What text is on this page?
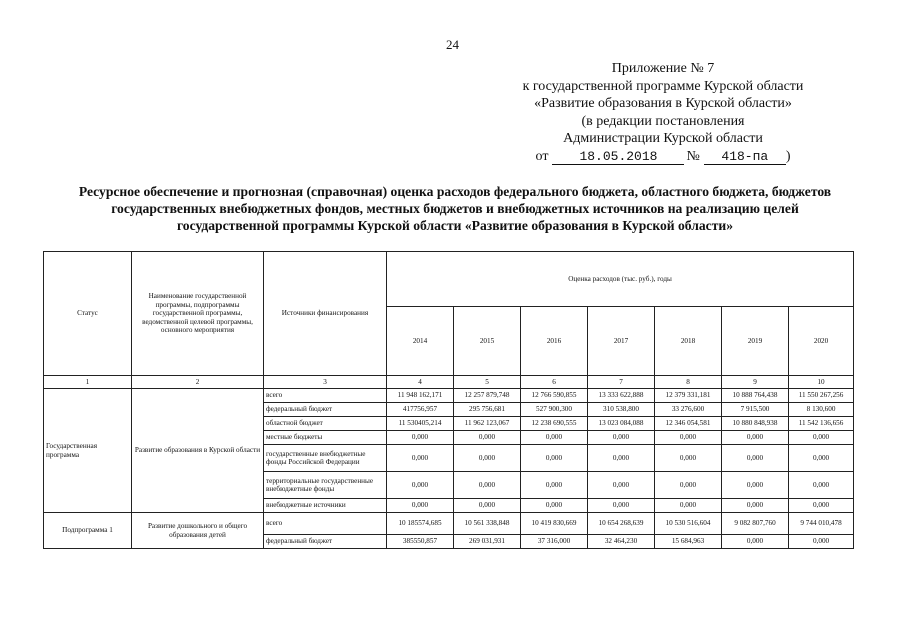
24
Приложение № 7
к государственной программе Курской области
«Развитие образования в Курской области»
(в редакции постановления
Администрации Курской области
от	18.05.2018	№	418-па	)
Ресурсное обеспечение и прогнозная (справочная) оценка расходов федерального бюджета, областного бюджета, бюджетов государственных внебюджетных фондов, местных бюджетов и внебюджетных источников на реализацию целей государственной программы Курской области «Развитие образования в Курской области»
Статус	Наименование государственной программы, подпрограммы государственной программы, ведомственной целевой программы, основного мероприятия	Источники финансирования	Оценка расходов (тыс. руб.), годы						
			2014	2015	2016	2017	2018	2019	2020
1	2	3	4	5	6	7	8	9	10
Государственная программа	Развитие образования в Курской области	всего	11 948 162,171	12 257 879,748	12 766 590,855	13 333 622,888	12 379 331,181	10 888 764,438	11 550 267,256
		федеральный бюджет	417756,957	295 756,681	527 900,300	310 538,800	33 276,600	7 915,500	8 130,600
		областной бюджет	11 530405,214	11 962 123,067	12 238 690,555	13 023 084,088	12 346 054,581	10 880 848,938	11 542 136,656
		местные бюджеты	0,000	0,000	0,000	0,000	0,000	0,000	0,000
		государственные внебюджетные фонды Российской Федерации	0,000	0,000	0,000	0,000	0,000	0,000	0,000
		территориальные государственные внебюджетные фонды	0,000	0,000	0,000	0,000	0,000	0,000	0,000
		внебюджетные источники	0,000	0,000	0,000	0,000	0,000	0,000	0,000
Подпрограмма 1	Развитие дошкольного и общего образования детей	всего	10 185574,685	10 561 338,848	10 419 830,669	10 654 268,639	10 530 516,604	9 082 807,760	9 744 010,478
		федеральный бюджет	385550,857	269 031,931	37 316,000	32 464,230	15 684,963	0,000	0,000
